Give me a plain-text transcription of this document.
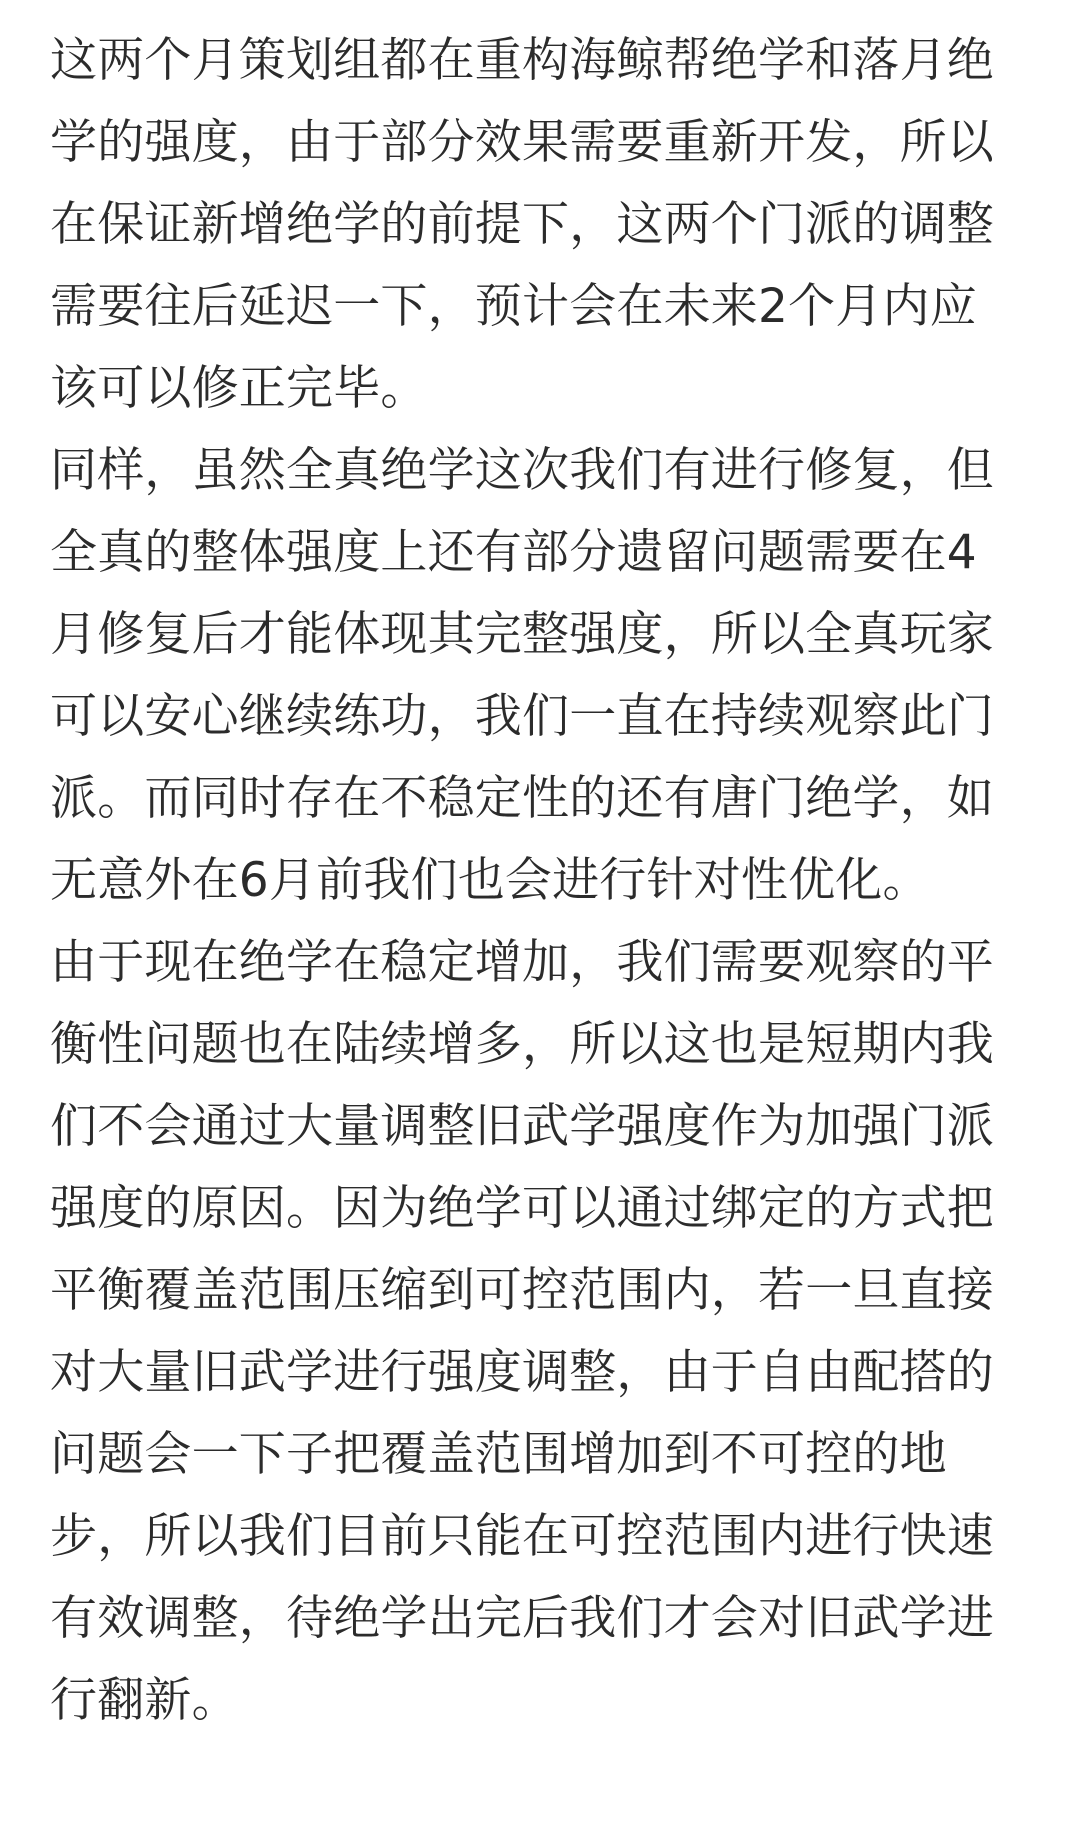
这两个月策划组都在重构海鲸帮绝学和落月绝
学的强度，由于部分效果需要重新开发，所以
在保证新增绝学的前提下，这两个门派的调整
需要往后延迟一下，预计会在未来2个月内应
该可以修正完毕。
同样，虽然全真绝学这次我们有进行修复，但
全真的整体强度上还有部分遗留问题需要在4
月修复后才能体现其完整强度，所以全真玩家
可以安心继续练功，我们一直在持续观察此门
派。而同时存在不稳定性的还有唐门绝学，如
无意外在6月前我们也会进行针对性优化。
由于现在绝学在稳定增加，我们需要观察的平
衡性问题也在陆续增多，所以这也是短期内我
们不会通过大量调整旧武学强度作为加强门派
强度的原因。因为绝学可以通过绑定的方式把
平衡覆盖范围压缩到可控范围内，若一旦直接
对大量旧武学进行强度调整，由于自由配搭的
问题会一下子把覆盖范围增加到不可控的地
步，所以我们目前只能在可控范围内进行快速
有效调整，待绝学出完后我们才会对旧武学进
行翻新。
